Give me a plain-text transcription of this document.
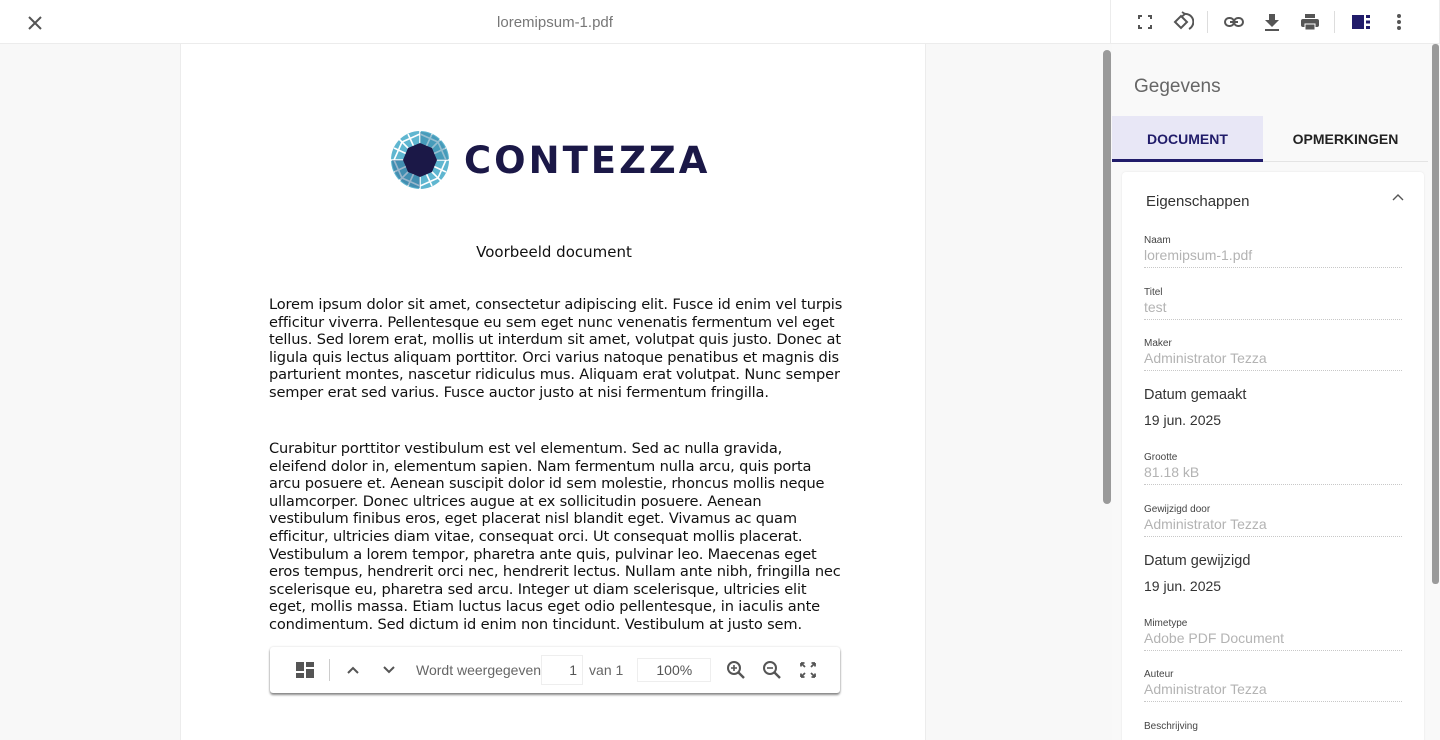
loremipsum-1.pdf
CONTEZZA
Voorbeeld document
Lorem ipsum dolor sit amet, consectetur adipiscing elit. Fusce id enim vel turpis efficitur viverra. Pellentesque eu sem eget nunc venenatis fermentum vel eget tellus. Sed lorem erat, mollis ut interdum sit amet, volutpat quis justo. Donec at ligula quis lectus aliquam porttitor. Orci varius natoque penatibus et magnis dis parturient montes, nascetur ridiculus mus. Aliquam erat volutpat. Nunc semper semper erat sed varius. Fusce auctor justo at nisi fermentum fringilla.
Curabitur porttitor vestibulum est vel elementum. Sed ac nulla gravida, eleifend dolor in, elementum sapien. Nam fermentum nulla arcu, quis porta arcu posuere et. Aenean suscipit dolor id sem molestie, rhoncus mollis neque ullamcorper. Donec ultrices augue at ex sollicitudin posuere. Aenean vestibulum finibus eros, eget placerat nisl blandit eget. Vivamus ac quam efficitur, ultricies diam vitae, consequat orci. Ut consequat mollis placerat. Vestibulum a lorem tempor, pharetra ante quis, pulvinar leo. Maecenas eget eros tempus, hendrerit orci nec, hendrerit lectus. Nullam ante nibh, fringilla nec scelerisque eu, pharetra sed arcu. Integer ut diam scelerisque, ultricies elit eget, mollis massa. Etiam luctus lacus eget odio pellentesque, in iaculis ante condimentum. Sed dictum id enim non tincidunt. Vestibulum at justo sem.
Wordt weergegeven
1	van 1
100%
Gegevens
DOCUMENT	OPMERKINGEN
Eigenschappen
Naam
loremipsum-1.pdf
Titel
test
Maker
Administrator Tezza
Datum gemaakt
19 jun. 2025
Grootte
81.18 kB
Gewijzigd door
Administrator Tezza
Datum gewijzigd
19 jun. 2025
Mimetype
Adobe PDF Document
Auteur
Administrator Tezza
Beschrijving
